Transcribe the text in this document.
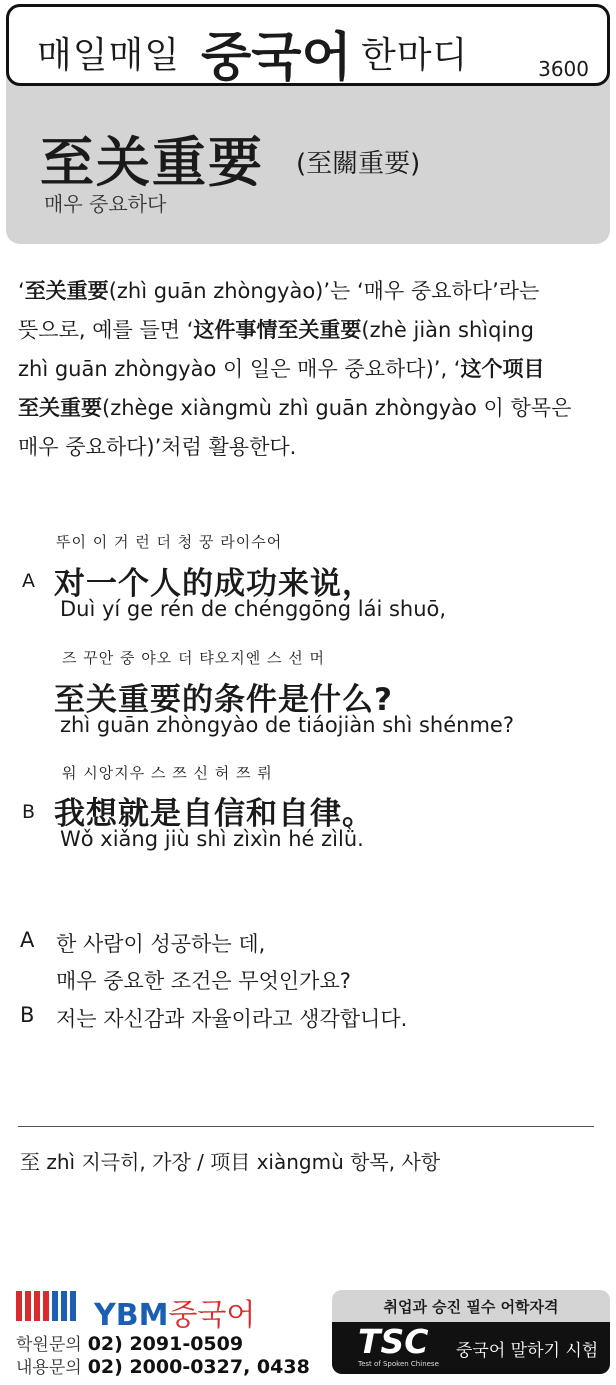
매일매일 중국어 한마디	3600
至关重要 (至關重要)
매우 중요하다
‘至关重要(zhì guān zhòngyào)’는 ‘매우 중요하다’라는
뜻으로, 예를 들면 ‘这件事情至关重要(zhè jiàn shìqing
zhì guān zhòngyào 이 일은 매우 중요하다)’, ‘这个项目
至关重要(zhège xiàngmù zhì guān zhòngyào 이 항목은
매우 중요하다)’처럼 활용한다.
뚜이 이 거 런 더 청 꿍 라이수어
A 对一个人的成功来说，
Duì yí ge rén de chénggōng lái shuō,
즈 꾸안 중 야오 더 탸오지엔 스 선 머
至关重要的条件是什么?
zhì guān zhòngyào de tiáojiàn shì shénme?
워 시앙지우 스 쯔 신 허 쯔 뤼
B 我想就是自信和自律。
Wǒ xiǎng jiù shì zìxìn hé zìlǜ.
A 한 사람이 성공하는 데,
매우 중요한 조건은 무엇인가요?
B 저는 자신감과 자율이라고 생각합니다.
至 zhì 지극히, 가장 / 项目 xiàngmù 항목, 사항
YBM중국어
학원문의 02) 2091-0509
내용문의 02) 2000-0327, 0438
취업과 승진 필수 어학자격
TSC
Test of Spoken Chinese
중국어 말하기 시험
